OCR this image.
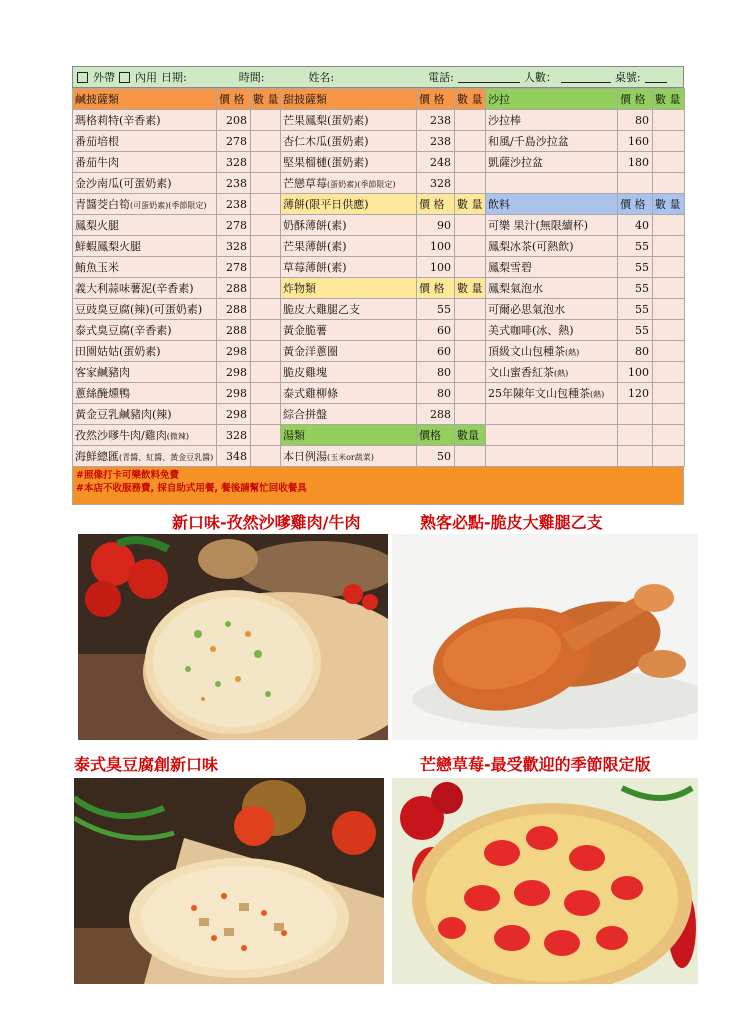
外帶 內用 日期:	時間:	姓名:	電話:	人數：	桌號:
鹹披薩類	價 格	數 量	甜披薩類	價 格	數 量	沙拉	價 格	數 量
瑪格莉特(辛香素)	208		芒果鳳梨(蛋奶素)	238		沙拉棒	80	
番茄培根	278		杏仁木瓜(蛋奶素)	238		和風/千島沙拉盆	160	
番茄牛肉	328		堅果榴槤(蛋奶素)	248		凱薩沙拉盆	180	
金沙南瓜(可蛋奶素)	238		芒戀草莓(蛋奶素)(季節限定)	328				
青醬茭白筍(可蛋奶素)(季節限定)	238		薄餅(限平日供應)	價 格	數 量	飲料	價 格	數 量
鳳梨火腿	278		奶酥薄餅(素)	90		可樂 果汁(無限續杯)	40	
鮮蝦鳳梨火腿	328		芒果薄餅(素)	100		鳳梨冰茶(可熱飲)	55	
鮪魚玉米	278		草莓薄餅(素)	100		鳳梨雪碧	55	
義大利蒜味薯泥(辛香素)	288		炸物類	價 格	數 量	鳳梨氣泡水	55	
豆豉臭豆腐(辣)(可蛋奶素)	288		脆皮大雞腿乙支	55		可爾必思氣泡水	55	
泰式臭豆腐(辛香素)	288		黃金脆薯	60		美式咖啡(冰、熱)	55	
田園姑姑(蛋奶素)	298		黃金洋蔥圈	60		頂級文山包種茶(熱)	80	
客家鹹豬肉	298		脆皮雞塊	80		文山蜜香紅茶(熱)	100	
蔥絲醃燻鴨	298		泰式雞柳條	80		25年陳年文山包種茶(熱)	120	
黃金豆乳鹹豬肉(辣)	298		綜合拼盤	288				
孜然沙嗲牛肉/雞肉(微辣)	328		湯類	價格	數量			
海鮮總匯(青醬、紅醬、黃金豆乳醬)	348		本日例湯(玉米or蔬菜)	50				
#照像打卡可樂飲料免費
#本店不收服務費, 採自助式用餐, 餐後請幫忙回收餐具
新口味-孜然沙嗲雞肉/牛肉	熟客必點-脆皮大雞腿乙支
泰式臭豆腐創新口味	芒戀草莓-最受歡迎的季節限定版
